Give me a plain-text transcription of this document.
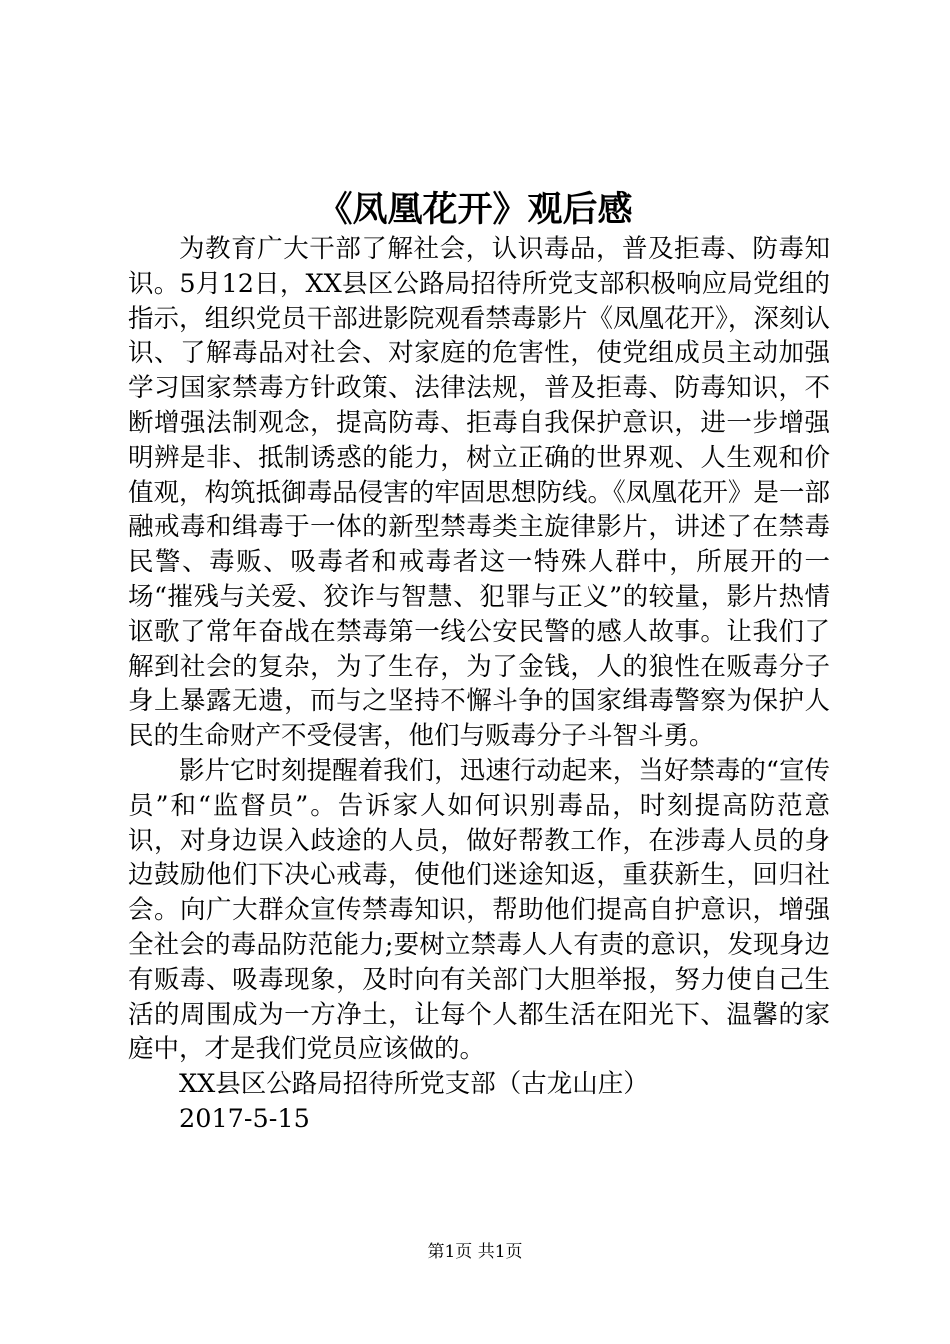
《凤凰花开》观后感

为教育广大干部了解社会，认识毒品，普及拒毒、防毒知识。5月12日，XX县区公路局招待所党支部积极响应局党组的指示，组织党员干部进影院观看禁毒影片《凤凰花开》，深刻认识、了解毒品对社会、对家庭的危害性，使党组成员主动加强学习国家禁毒方针政策、法律法规，普及拒毒、防毒知识，不断增强法制观念，提高防毒、拒毒自我保护意识，进一步增强明辨是非、抵制诱惑的能力，树立正确的世界观、人生观和价值观，构筑抵御毒品侵害的牢固思想防线。《凤凰花开》是一部融戒毒和缉毒于一体的新型禁毒类主旋律影片，讲述了在禁毒民警、毒贩、吸毒者和戒毒者这一特殊人群中，所展开的一场“摧残与关爱、狡诈与智慧、犯罪与正义”的较量，影片热情讴歌了常年奋战在禁毒第一线公安民警的感人故事。让我们了解到社会的复杂，为了生存，为了金钱，人的狼性在贩毒分子身上暴露无遗，而与之坚持不懈斗争的国家缉毒警察为保护人民的生命财产不受侵害，他们与贩毒分子斗智斗勇。

影片它时刻提醒着我们，迅速行动起来，当好禁毒的“宣传员”和“监督员”。告诉家人如何识别毒品，时刻提高防范意识，对身边误入歧途的人员，做好帮教工作，在涉毒人员的身边鼓励他们下决心戒毒，使他们迷途知返，重获新生，回归社会。向广大群众宣传禁毒知识，帮助他们提高自护意识，增强全社会的毒品防范能力;要树立禁毒人人有责的意识，发现身边有贩毒、吸毒现象，及时向有关部门大胆举报，努力使自己生活的周围成为一方净土，让每个人都生活在阳光下、温馨的家庭中，才是我们党员应该做的。

XX县区公路局招待所党支部（古龙山庄）

2017-5-15

第1页 共1页
